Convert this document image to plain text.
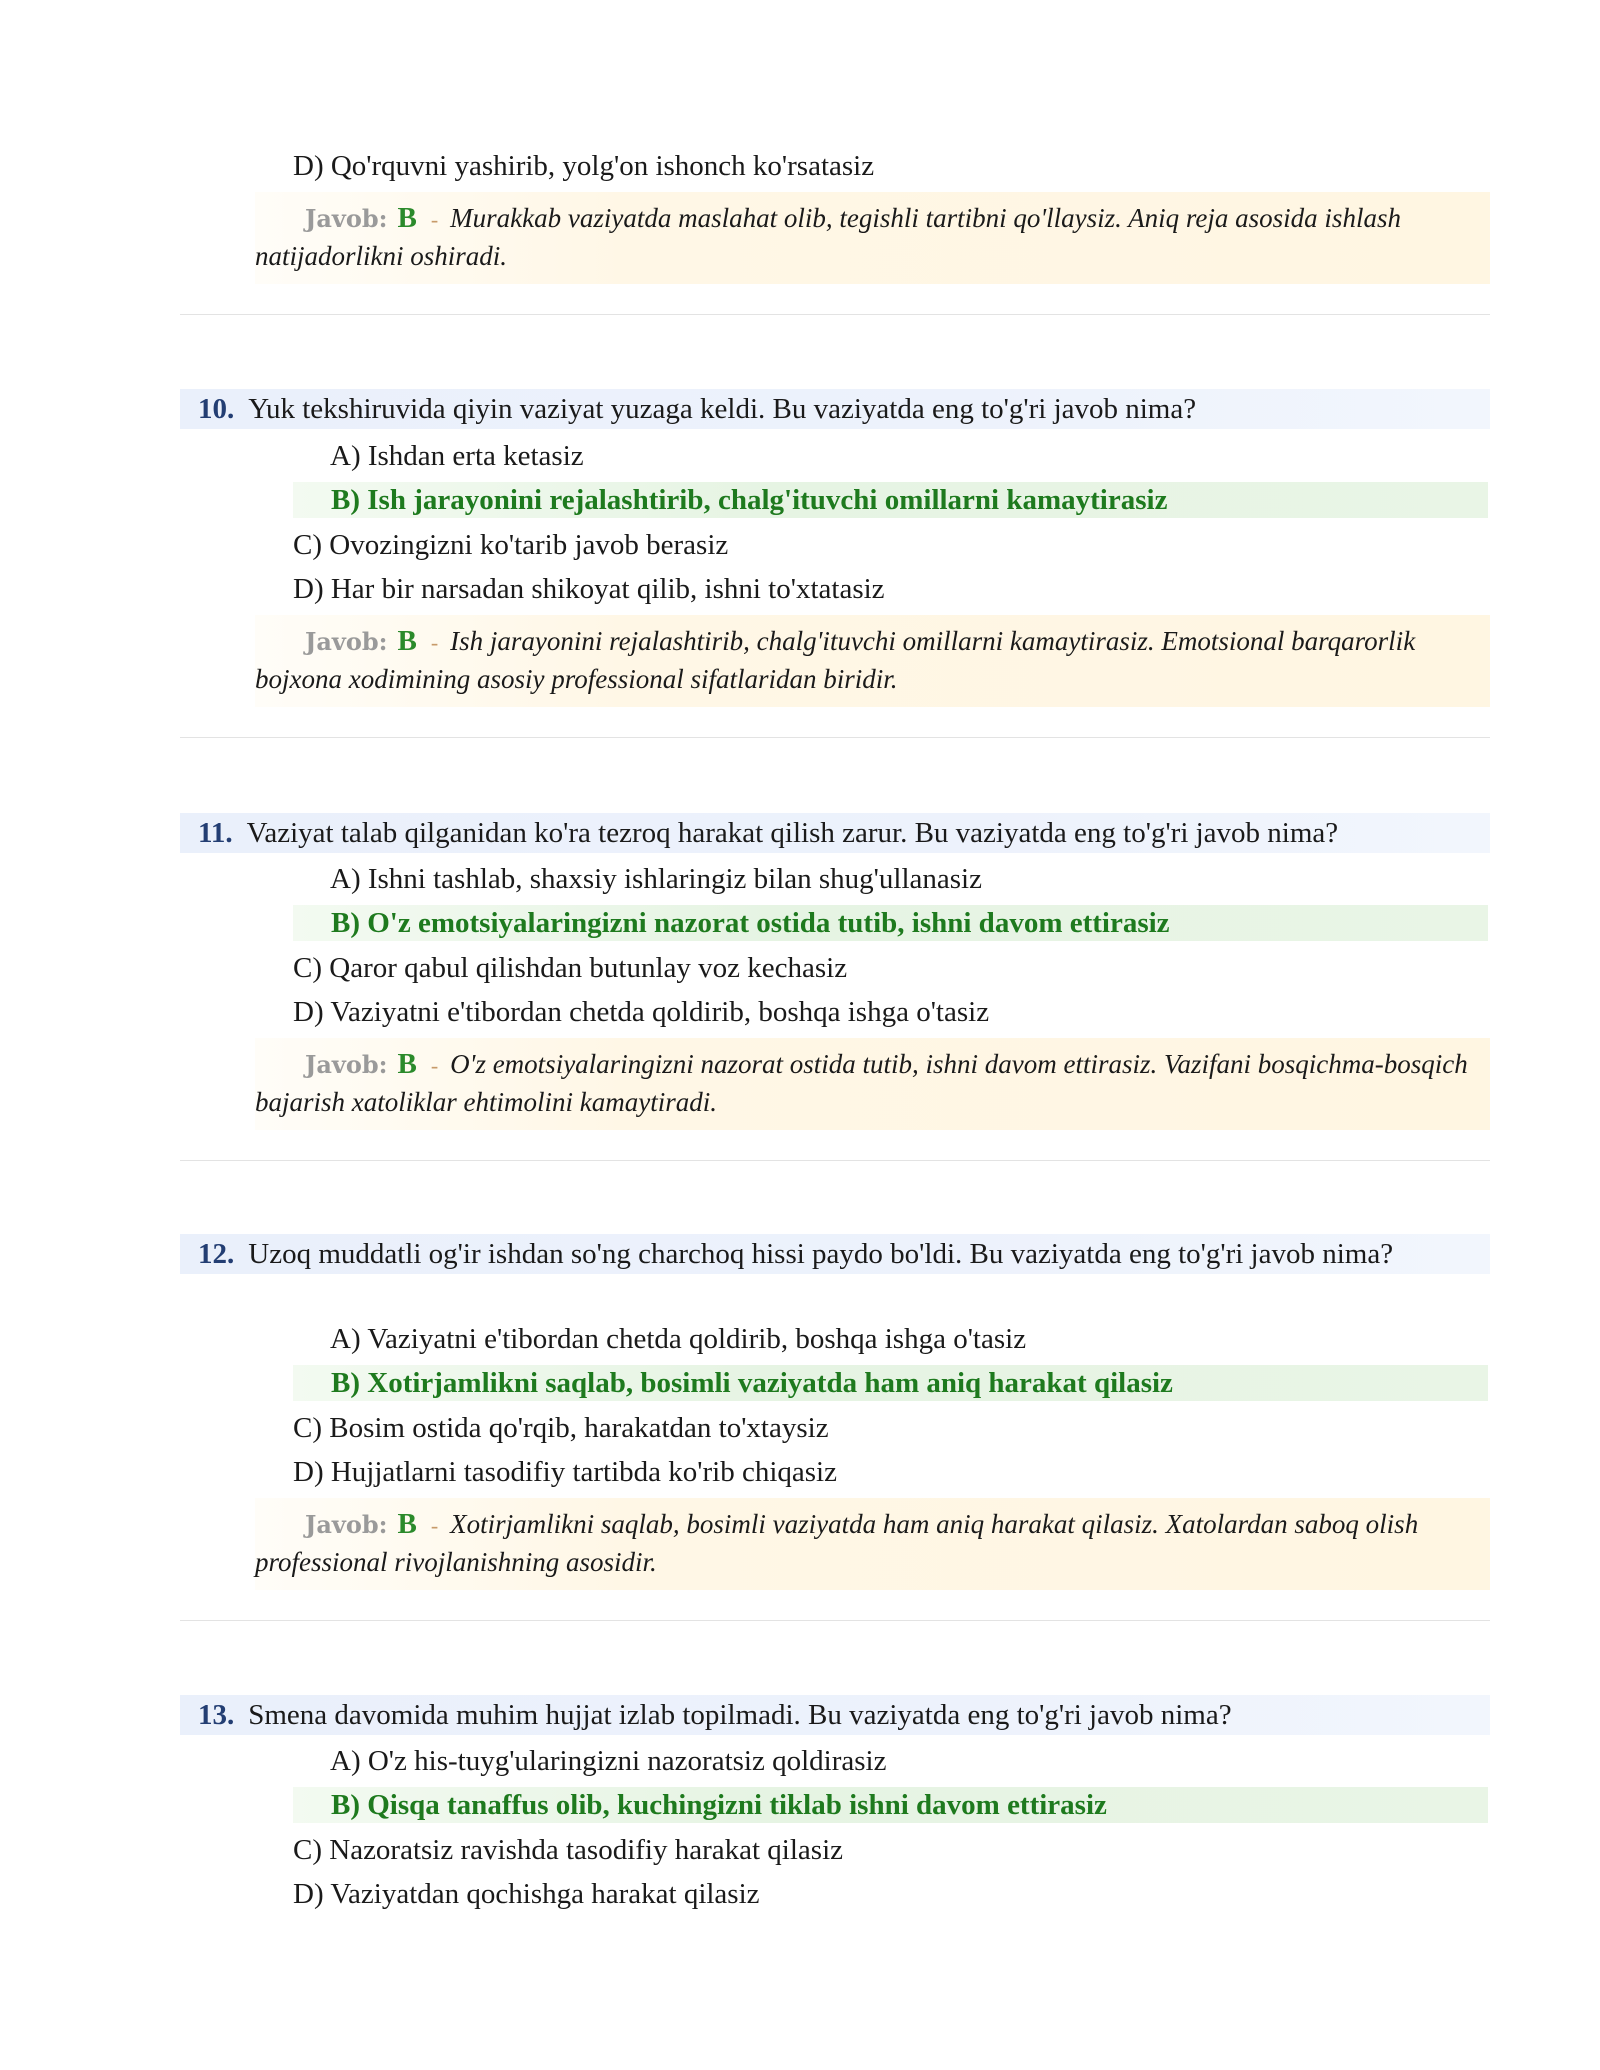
D) Qo'rquvni yashirib, yolg'on ishonch ko'rsatasiz
Javob: B - Murakkab vaziyatda maslahat olib, tegishli tartibni qo'llaysiz. Aniq reja asosida ishlash natijadorlikni oshiradi.
10. Yuk tekshiruvida qiyin vaziyat yuzaga keldi. Bu vaziyatda eng to'g'ri javob nima?
A) Ishdan erta ketasiz
B) Ish jarayonini rejalashtirib, chalg'ituvchi omillarni kamaytirasiz
C) Ovozingizni ko'tarib javob berasiz
D) Har bir narsadan shikoyat qilib, ishni to'xtatasiz
Javob: B - Ish jarayonini rejalashtirib, chalg'ituvchi omillarni kamaytirasiz. Emotsional barqarorlik bojxona xodimining asosiy professional sifatlaridan biridir.
11. Vaziyat talab qilganidan ko'ra tezroq harakat qilish zarur. Bu vaziyatda eng to'g'ri javob nima?
A) Ishni tashlab, shaxsiy ishlaringiz bilan shug'ullanasiz
B) O'z emotsiyalaringizni nazorat ostida tutib, ishni davom ettirasiz
C) Qaror qabul qilishdan butunlay voz kechasiz
D) Vaziyatni e'tibordan chetda qoldirib, boshqa ishga o'tasiz
Javob: B - O'z emotsiyalaringizni nazorat ostida tutib, ishni davom ettirasiz. Vazifani bosqichma-bosqich bajarish xatoliklar ehtimolini kamaytiradi.
12. Uzoq muddatli og'ir ishdan so'ng charchoq hissi paydo bo'ldi. Bu vaziyatda eng to'g'ri javob nima?
A) Vaziyatni e'tibordan chetda qoldirib, boshqa ishga o'tasiz
B) Xotirjamlikni saqlab, bosimli vaziyatda ham aniq harakat qilasiz
C) Bosim ostida qo'rqib, harakatdan to'xtaysiz
D) Hujjatlarni tasodifiy tartibda ko'rib chiqasiz
Javob: B - Xotirjamlikni saqlab, bosimli vaziyatda ham aniq harakat qilasiz. Xatolardan saboq olish professional rivojlanishning asosidir.
13. Smena davomida muhim hujjat izlab topilmadi. Bu vaziyatda eng to'g'ri javob nima?
A) O'z his-tuyg'ularingizni nazoratsiz qoldirasiz
B) Qisqa tanaffus olib, kuchingizni tiklab ishni davom ettirasiz
C) Nazoratsiz ravishda tasodifiy harakat qilasiz
D) Vaziyatdan qochishga harakat qilasiz
